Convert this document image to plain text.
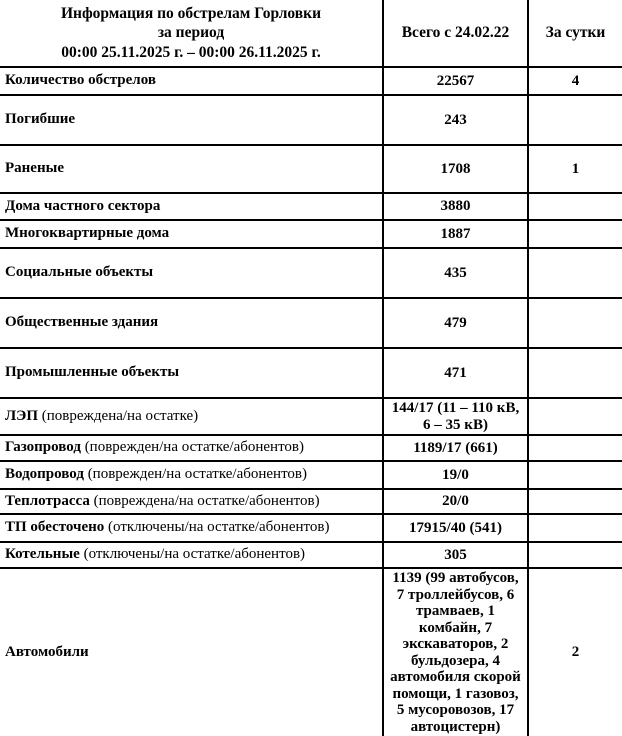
Информация по обстрелам Горловки
за период
00:00 25.11.2025 г. – 00:00 26.11.2025 г.	Всего с 24.02.22	За сутки
Количество обстрелов	22567	4
Погибшие	243	
Раненые	1708	1
Дома частного сектора	3880	
Многоквартирные дома	1887	
Социальные объекты	435	
Общественные здания	479	
Промышленные объекты	471	
ЛЭП (повреждена/на остатке)	144/17 (11 – 110 кВ, 6 – 35 кВ)	
Газопровод (поврежден/на остатке/абонентов)	1189/17 (661)	
Водопровод (поврежден/на остатке/абонентов)	19/0	
Теплотрасса (повреждена/на остатке/абонентов)	20/0	
ТП обесточено (отключены/на остатке/абонентов)	17915/40 (541)	
Котельные (отключены/на остатке/абонентов)	305	
Автомобили	1139 (99 автобусов, 7 троллейбусов, 6 трамваев, 1 комбайн, 7 экскаваторов, 2 бульдозера, 4 автомобиля скорой помощи, 1 газовоз, 5 мусоровозов, 17 автоцистерн)	2
